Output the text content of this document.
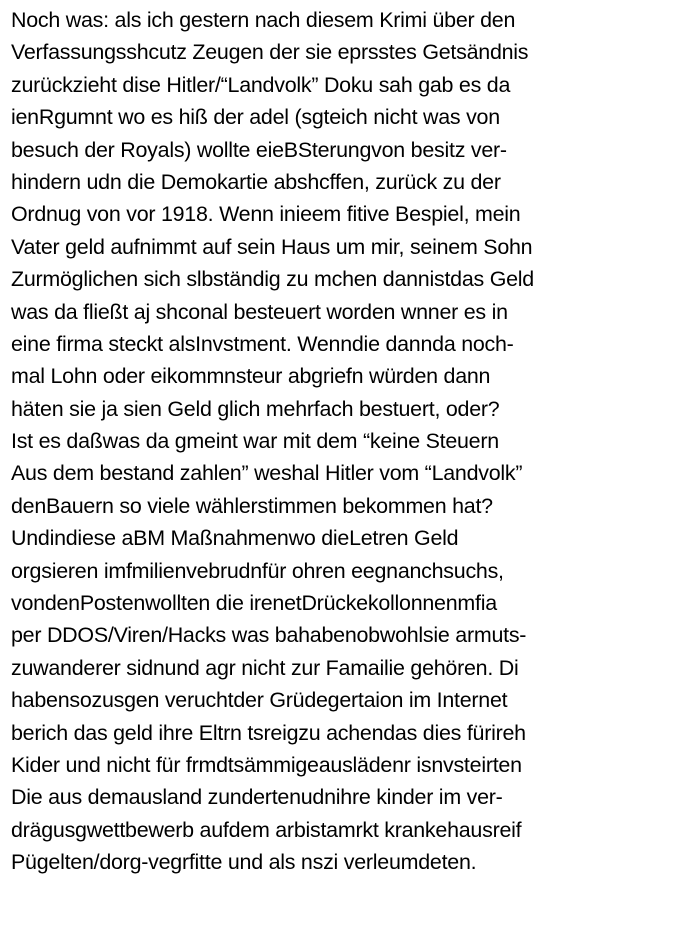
Noch was: als ich gestern nach diesem Krimi über den
Verfassungsshcutz Zeugen der sie eprsstes Getsändnis
zurückzieht dise Hitler/“Landvolk” Doku sah gab es da
ienRgumnt wo es hiß der adel (sgteich nicht was von
besuch der Royals) wollte eieBSterungvon besitz ver-
hindern udn die Demokartie abshcffen, zurück zu der
Ordnug von vor 1918. Wenn inieem fitive Bespiel, mein
Vater geld aufnimmt auf sein Haus um mir, seinem Sohn
Zurmöglichen sich slbständig zu mchen dannistdas Geld
was da fließt aj shconal besteuert worden wnner es in
eine firma steckt alsInvstment. Wenndie dannda noch-
mal Lohn oder eikommnsteur abgriefn würden dann
häten sie ja sien Geld glich mehrfach bestuert, oder?
Ist es daßwas da gmeint war mit dem “keine Steuern
Aus dem bestand zahlen” weshal Hitler vom “Landvolk”
denBauern so viele wählerstimmen bekommen hat?
Undindiese aBM Maßnahmenwo dieLetren Geld
orgsieren imfmilienvebrudnfür ohren eegnanchsuchs,
vondenPostenwollten die irenetDrückekollonnenmfia
per DDOS/Viren/Hacks was bahabenobwohlsie armuts-
zuwanderer sidnund agr nicht zur Famailie gehören. Di
habensozusgen veruchtder Grüdegertaion im Internet
berich das geld ihre Eltrn tsreigzu achendas dies fürireh
Kider und nicht für frmdtsämmigeauslädenr isnvsteirten
Die aus demausland zundertenudnihre kinder im ver-
drägusgwettbewerb aufdem arbistamrkt krankehausreif
Pügelten/dorg-vegrfitte und als nszi verleumdeten.
